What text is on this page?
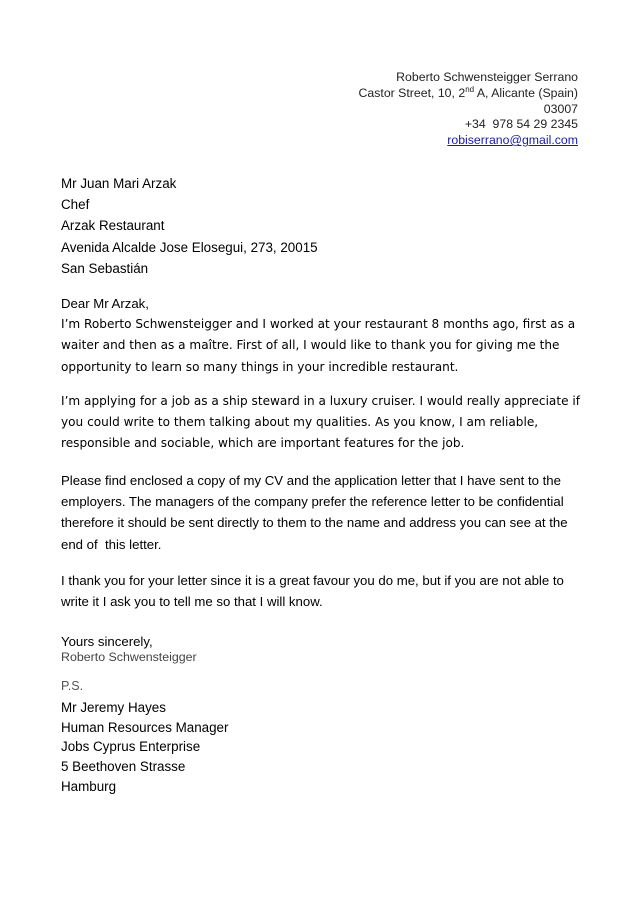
Roberto Schwensteigger Serrano
Castor Street, 10, 2nd A, Alicante (Spain)
03007
+34  978 54 29 2345
robiserrano@gmail.com
Mr Juan Mari Arzak
Chef
Arzak Restaurant
Avenida Alcalde Jose Elosegui, 273, 20015
San Sebastián
Dear Mr Arzak,
I’m Roberto Schwensteigger and I worked at your restaurant 8 months ago, first as a
waiter and then as a maître. First of all, I would like to thank you for giving me the
opportunity to learn so many things in your incredible restaurant.
I’m applying for a job as a ship steward in a luxury cruiser. I would really appreciate if
you could write to them talking about my qualities. As you know, I am reliable,
responsible and sociable, which are important features for the job.
Please find enclosed a copy of my CV and the application letter that I have sent to the
employers. The managers of the company prefer the reference letter to be confidential
therefore it should be sent directly to them to the name and address you can see at the
end of  this letter.
I thank you for your letter since it is a great favour you do me, but if you are not able to
write it I ask you to tell me so that I will know.
Yours sincerely,
Roberto Schwensteigger
P.S.
Mr Jeremy Hayes
Human Resources Manager
Jobs Cyprus Enterprise
5 Beethoven Strasse
Hamburg
